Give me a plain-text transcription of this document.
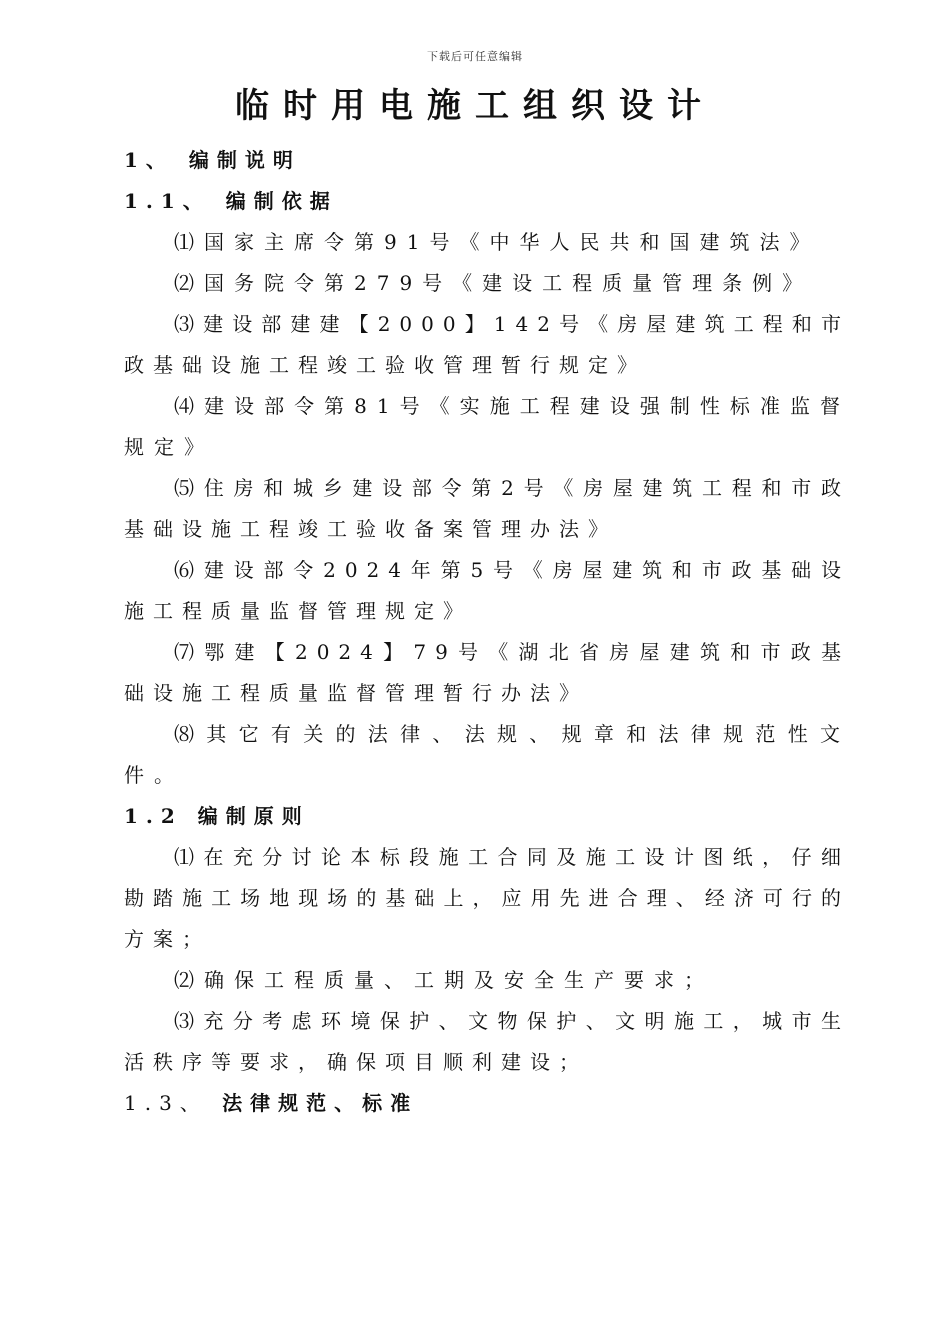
下载后可任意编辑
临时用电施工组织设计
1、 编制说明
1.1、 编制依据
⑴国家主席令第91号《中华人民共和国建筑法》
⑵国务院令第279号《建设工程质量管理条例》
⑶建设部建建【2000】142号《房屋建筑工程和市政基础设施工程竣工验收管理暂行规定》
⑷建设部令第81号《实施工程建设强制性标准监督规定》
⑸住房和城乡建设部令第2号《房屋建筑工程和市政基础设施工程竣工验收备案管理办法》
⑹建设部令2024年第5号《房屋建筑和市政基础设施工程质量监督管理规定》
⑺鄂建【2024】79号《湖北省房屋建筑和市政基础设施工程质量监督管理暂行办法》
⑻其它有关的法律、法规、规章和法律规范性文件。
1.2 编制原则
⑴在充分讨论本标段施工合同及施工设计图纸，仔细勘踏施工场地现场的基础上，应用先进合理、经济可行的方案；
⑵确保工程质量、工期及安全生产要求；
⑶充分考虑环境保护、文物保护、文明施工，城市生活秩序等要求，确保项目顺利建设；
1.3、 法律规范、标准
